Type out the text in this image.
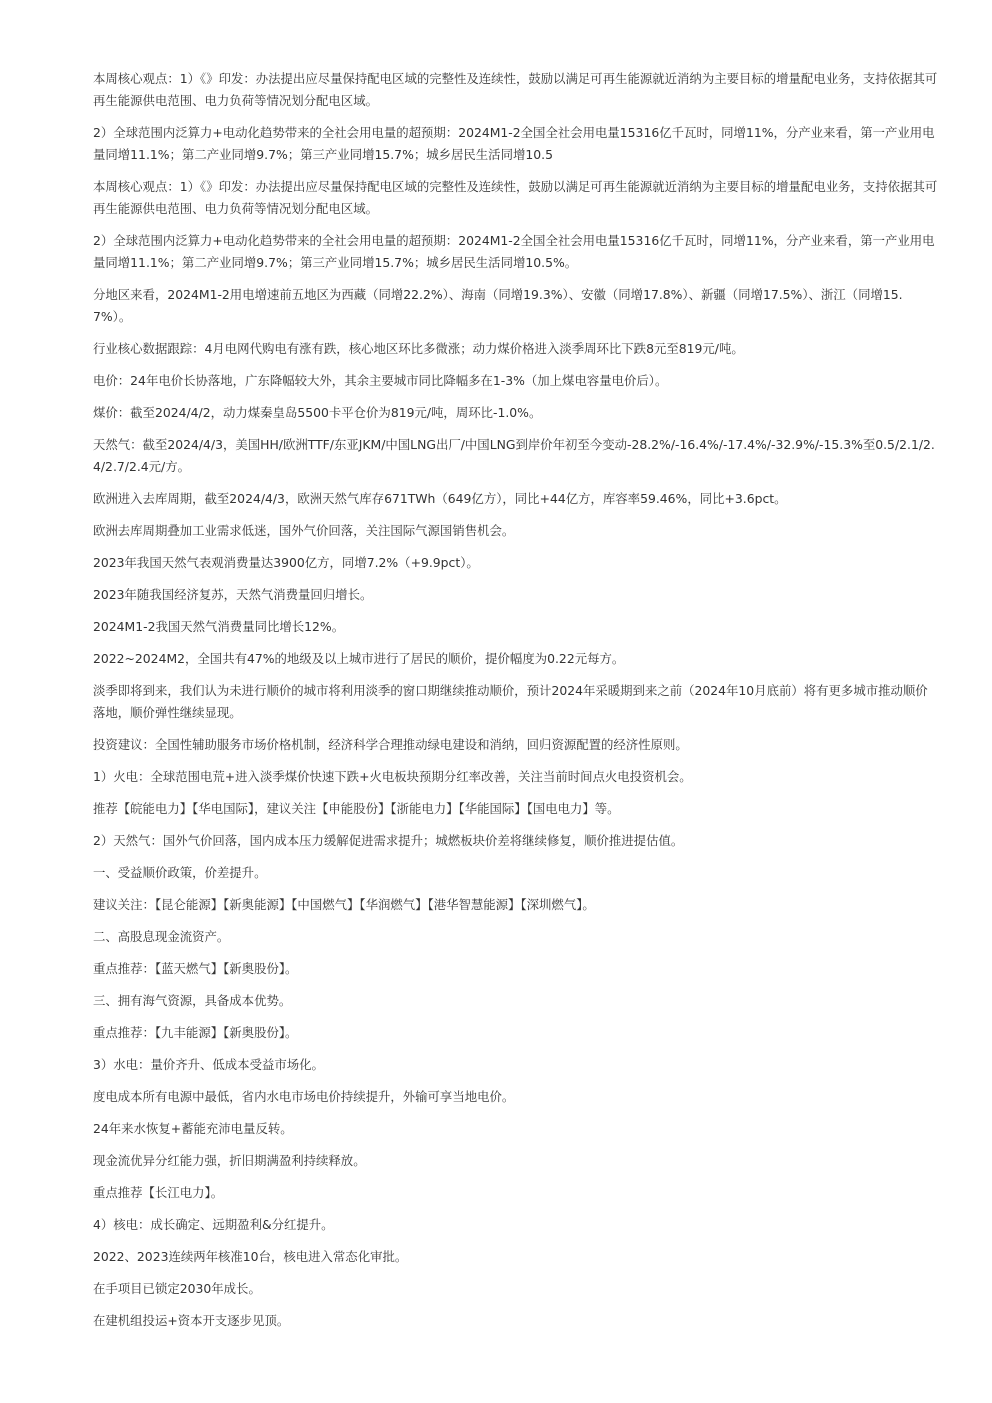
本周核心观点：1）《》印发：办法提出应尽量保持配电区域的完整性及连续性，鼓励以满足可再生能源就近消纳为主要目标的增量配电业务，支持依据其可再生能源供电范围、电力负荷等情况划分配电区域。

2）全球范围内泛算力+电动化趋势带来的全社会用电量的超预期：2024M1-2全国全社会用电量15316亿千瓦时，同增11%，分产业来看，第一产业用电量同增11.1%；第二产业同增9.7%；第三产业同增15.7%；城乡居民生活同增10.5

本周核心观点：1）《》印发：办法提出应尽量保持配电区域的完整性及连续性，鼓励以满足可再生能源就近消纳为主要目标的增量配电业务，支持依据其可再生能源供电范围、电力负荷等情况划分配电区域。

2）全球范围内泛算力+电动化趋势带来的全社会用电量的超预期：2024M1-2全国全社会用电量15316亿千瓦时，同增11%，分产业来看，第一产业用电量同增11.1%；第二产业同增9.7%；第三产业同增15.7%；城乡居民生活同增10.5%。

分地区来看，2024M1-2用电增速前五地区为西藏（同增22.2%）、海南（同增19.3%）、安徽（同增17.8%）、新疆（同增17.5%）、浙江（同增15.7%）。

行业核心数据跟踪：4月电网代购电有涨有跌，核心地区环比多微涨；动力煤价格进入淡季周环比下跌8元至819元/吨。

电价：24年电价长协落地，广东降幅较大外，其余主要城市同比降幅多在1-3%（加上煤电容量电价后）。

煤价：截至2024/4/2，动力煤秦皇岛5500卡平仓价为819元/吨，周环比-1.0%。

天然气：截至2024/4/3，美国HH/欧洲TTF/东亚JKM/中国LNG出厂/中国LNG到岸价年初至今变动-28.2%/-16.4%/-17.4%/-32.9%/-15.3%至0.5/2.1/2.4/2.7/2.4元/方。

欧洲进入去库周期，截至2024/4/3，欧洲天然气库存671TWh（649亿方），同比+44亿方，库容率59.46%，同比+3.6pct。

欧洲去库周期叠加工业需求低迷，国外气价回落，关注国际气源国销售机会。

2023年我国天然气表观消费量达3900亿方，同增7.2%（+9.9pct）。

2023年随我国经济复苏，天然气消费量回归增长。

2024M1-2我国天然气消费量同比增长12%。

2022~2024M2，全国共有47%的地级及以上城市进行了居民的顺价，提价幅度为0.22元每方。

淡季即将到来，我们认为未进行顺价的城市将利用淡季的窗口期继续推动顺价，预计2024年采暖期到来之前（2024年10月底前）将有更多城市推动顺价落地，顺价弹性继续显现。

投资建议：全国性辅助服务市场价格机制，经济科学合理推动绿电建设和消纳，回归资源配置的经济性原则。

1）火电：全球范围电荒+进入淡季煤价快速下跌+火电板块预期分红率改善，关注当前时间点火电投资机会。

推荐【皖能电力】【华电国际】，建议关注【申能股份】【浙能电力】【华能国际】【国电电力】等。

2）天然气：国外气价回落，国内成本压力缓解促进需求提升；城燃板块价差将继续修复，顺价推进提估值。

一、受益顺价政策，价差提升。

建议关注：【昆仑能源】【新奥能源】【中国燃气】【华润燃气】【港华智慧能源】【深圳燃气】。

二、高股息现金流资产。

重点推荐：【蓝天燃气】【新奥股份】。

三、拥有海气资源，具备成本优势。

重点推荐：【九丰能源】【新奥股份】。

3）水电：量价齐升、低成本受益市场化。

度电成本所有电源中最低，省内水电市场电价持续提升，外输可享当地电价。

24年来水恢复+蓄能充沛电量反转。

现金流优异分红能力强，折旧期满盈利持续释放。

重点推荐【长江电力】。

4）核电：成长确定、远期盈利&分红提升。

2022、2023连续两年核准10台，核电进入常态化审批。

在手项目已锁定2030年成长。

在建机组投运+资本开支逐步见顶。
